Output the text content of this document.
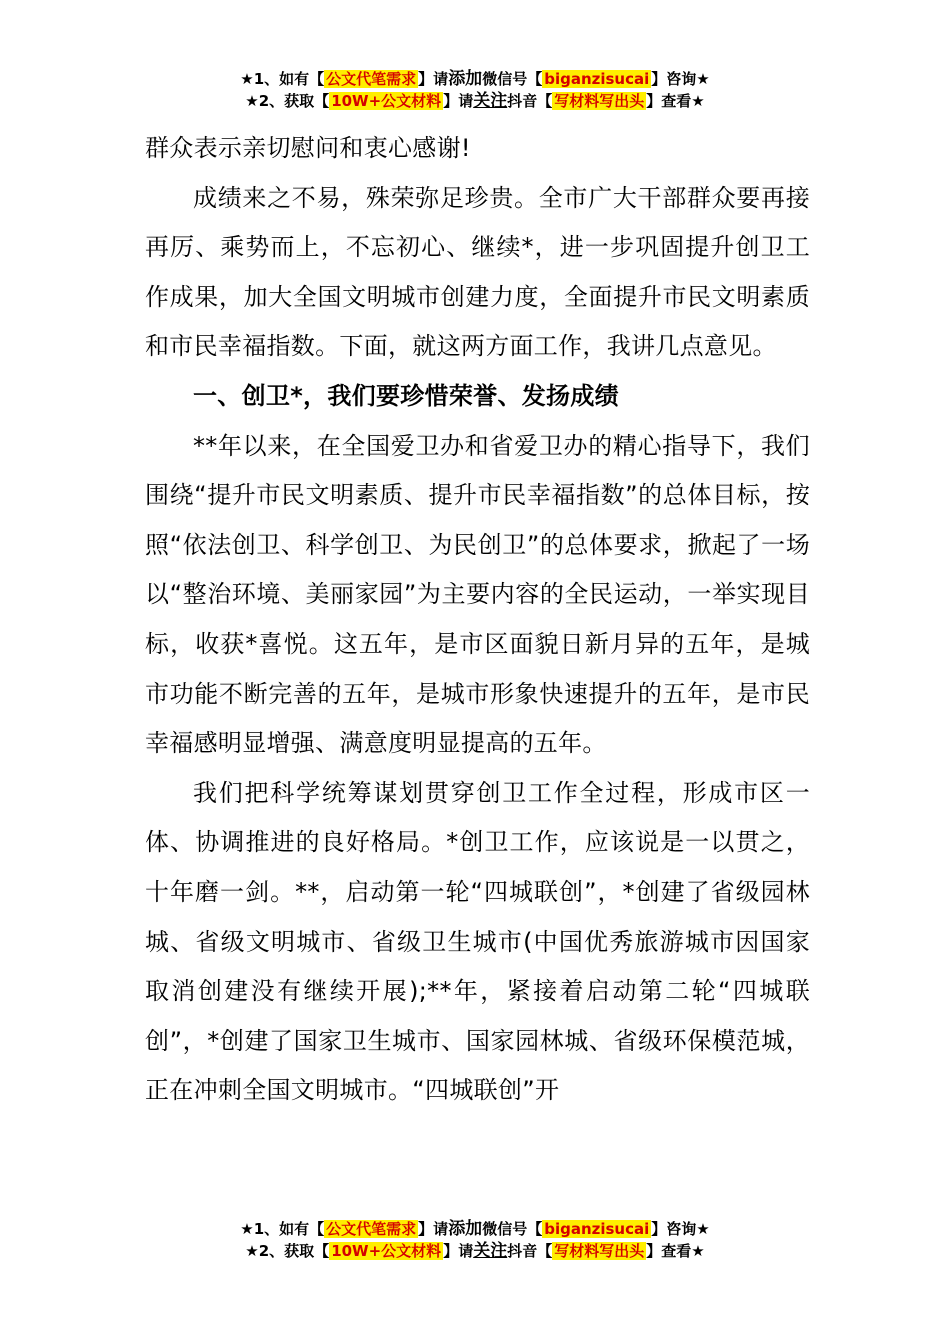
★1、如有【 公文代笔需求 】请添加微信号【 biganzisucai 】咨询★
★2、获取【 10W+公文材料 】请关注抖音【 写材料写出头 】查看★

群众表示亲切慰问和衷心感谢!

成绩来之不易，殊荣弥足珍贵。全市广大干部群众要再接再厉、乘势而上，不忘初心、继续*，进一步巩固提升创卫工作成果，加大全国文明城市创建力度，全面提升市民文明素质和市民幸福指数。下面，就这两方面工作，我讲几点意见。

一、创卫*，我们要珍惜荣誉、发扬成绩

**年以来，在全国爱卫办和省爱卫办的精心指导下，我们围绕“提升市民文明素质、提升市民幸福指数”的总体目标，按照“依法创卫、科学创卫、为民创卫”的总体要求，掀起了一场以“整治环境、美丽家园”为主要内容的全民运动，一举实现目标，收获*喜悦。这五年，是市区面貌日新月异的五年，是城市功能不断完善的五年，是城市形象快速提升的五年，是市民幸福感明显增强、满意度明显提高的五年。

我们把科学统筹谋划贯穿创卫工作全过程，形成市区一体、协调推进的良好格局。*创卫工作，应该说是一以贯之，十年磨一剑。**，启动第一轮“四城联创”，*创建了省级园林城、省级文明城市、省级卫生城市(中国优秀旅游城市因国家取消创建没有继续开展);**年，紧接着启动第二轮“四城联创”，*创建了国家卫生城市、国家园林城、省级环保模范城，正在冲刺全国文明城市。“四城联创”开

★1、如有【 公文代笔需求 】请添加微信号【 biganzisucai 】咨询★
★2、获取【 10W+公文材料 】请关注抖音【 写材料写出头 】查看★
